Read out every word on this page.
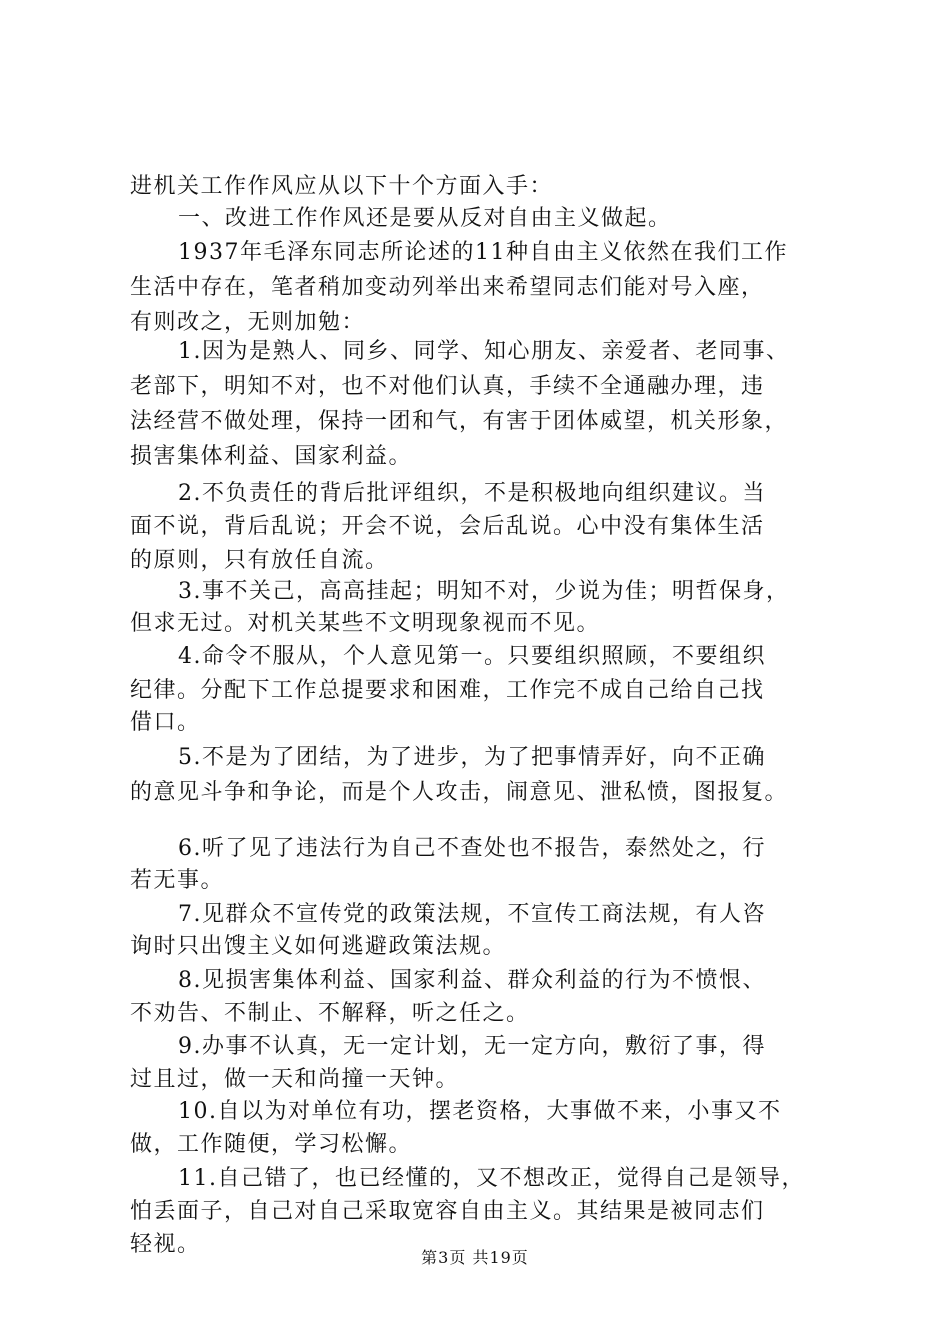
进机关工作作风应从以下十个方面入手：
一、改进工作作风还是要从反对自由主义做起。
1937年毛泽东同志所论述的11种自由主义依然在我们工作
生活中存在，笔者稍加变动列举出来希望同志们能对号入座，
有则改之，无则加勉：
1.因为是熟人、同乡、同学、知心朋友、亲爱者、老同事、
老部下，明知不对，也不对他们认真，手续不全通融办理，违
法经营不做处理，保持一团和气，有害于团体威望，机关形象，
损害集体利益、国家利益。
2.不负责任的背后批评组织，不是积极地向组织建议。当
面不说，背后乱说；开会不说，会后乱说。心中没有集体生活
的原则，只有放任自流。
3.事不关己，高高挂起；明知不对，少说为佳；明哲保身，
但求无过。对机关某些不文明现象视而不见。
4.命令不服从，个人意见第一。只要组织照顾，不要组织
纪律。分配下工作总提要求和困难，工作完不成自己给自己找
借口。
5.不是为了团结，为了进步，为了把事情弄好，向不正确
的意见斗争和争论，而是个人攻击，闹意见、泄私愤，图报复。
6.听了见了违法行为自己不查处也不报告，泰然处之，行
若无事。
7.见群众不宣传党的政策法规，不宣传工商法规，有人咨
询时只出馊主义如何逃避政策法规。
8.见损害集体利益、国家利益、群众利益的行为不愤恨、
不劝告、不制止、不解释，听之任之。
9.办事不认真，无一定计划，无一定方向，敷衍了事，得
过且过，做一天和尚撞一天钟。
10.自以为对单位有功，摆老资格，大事做不来，小事又不
做，工作随便，学习松懈。
11.自己错了，也已经懂的，又不想改正，觉得自己是领导，
怕丢面子，自己对自己采取宽容自由主义。其结果是被同志们
轻视。
第3页 共19页
